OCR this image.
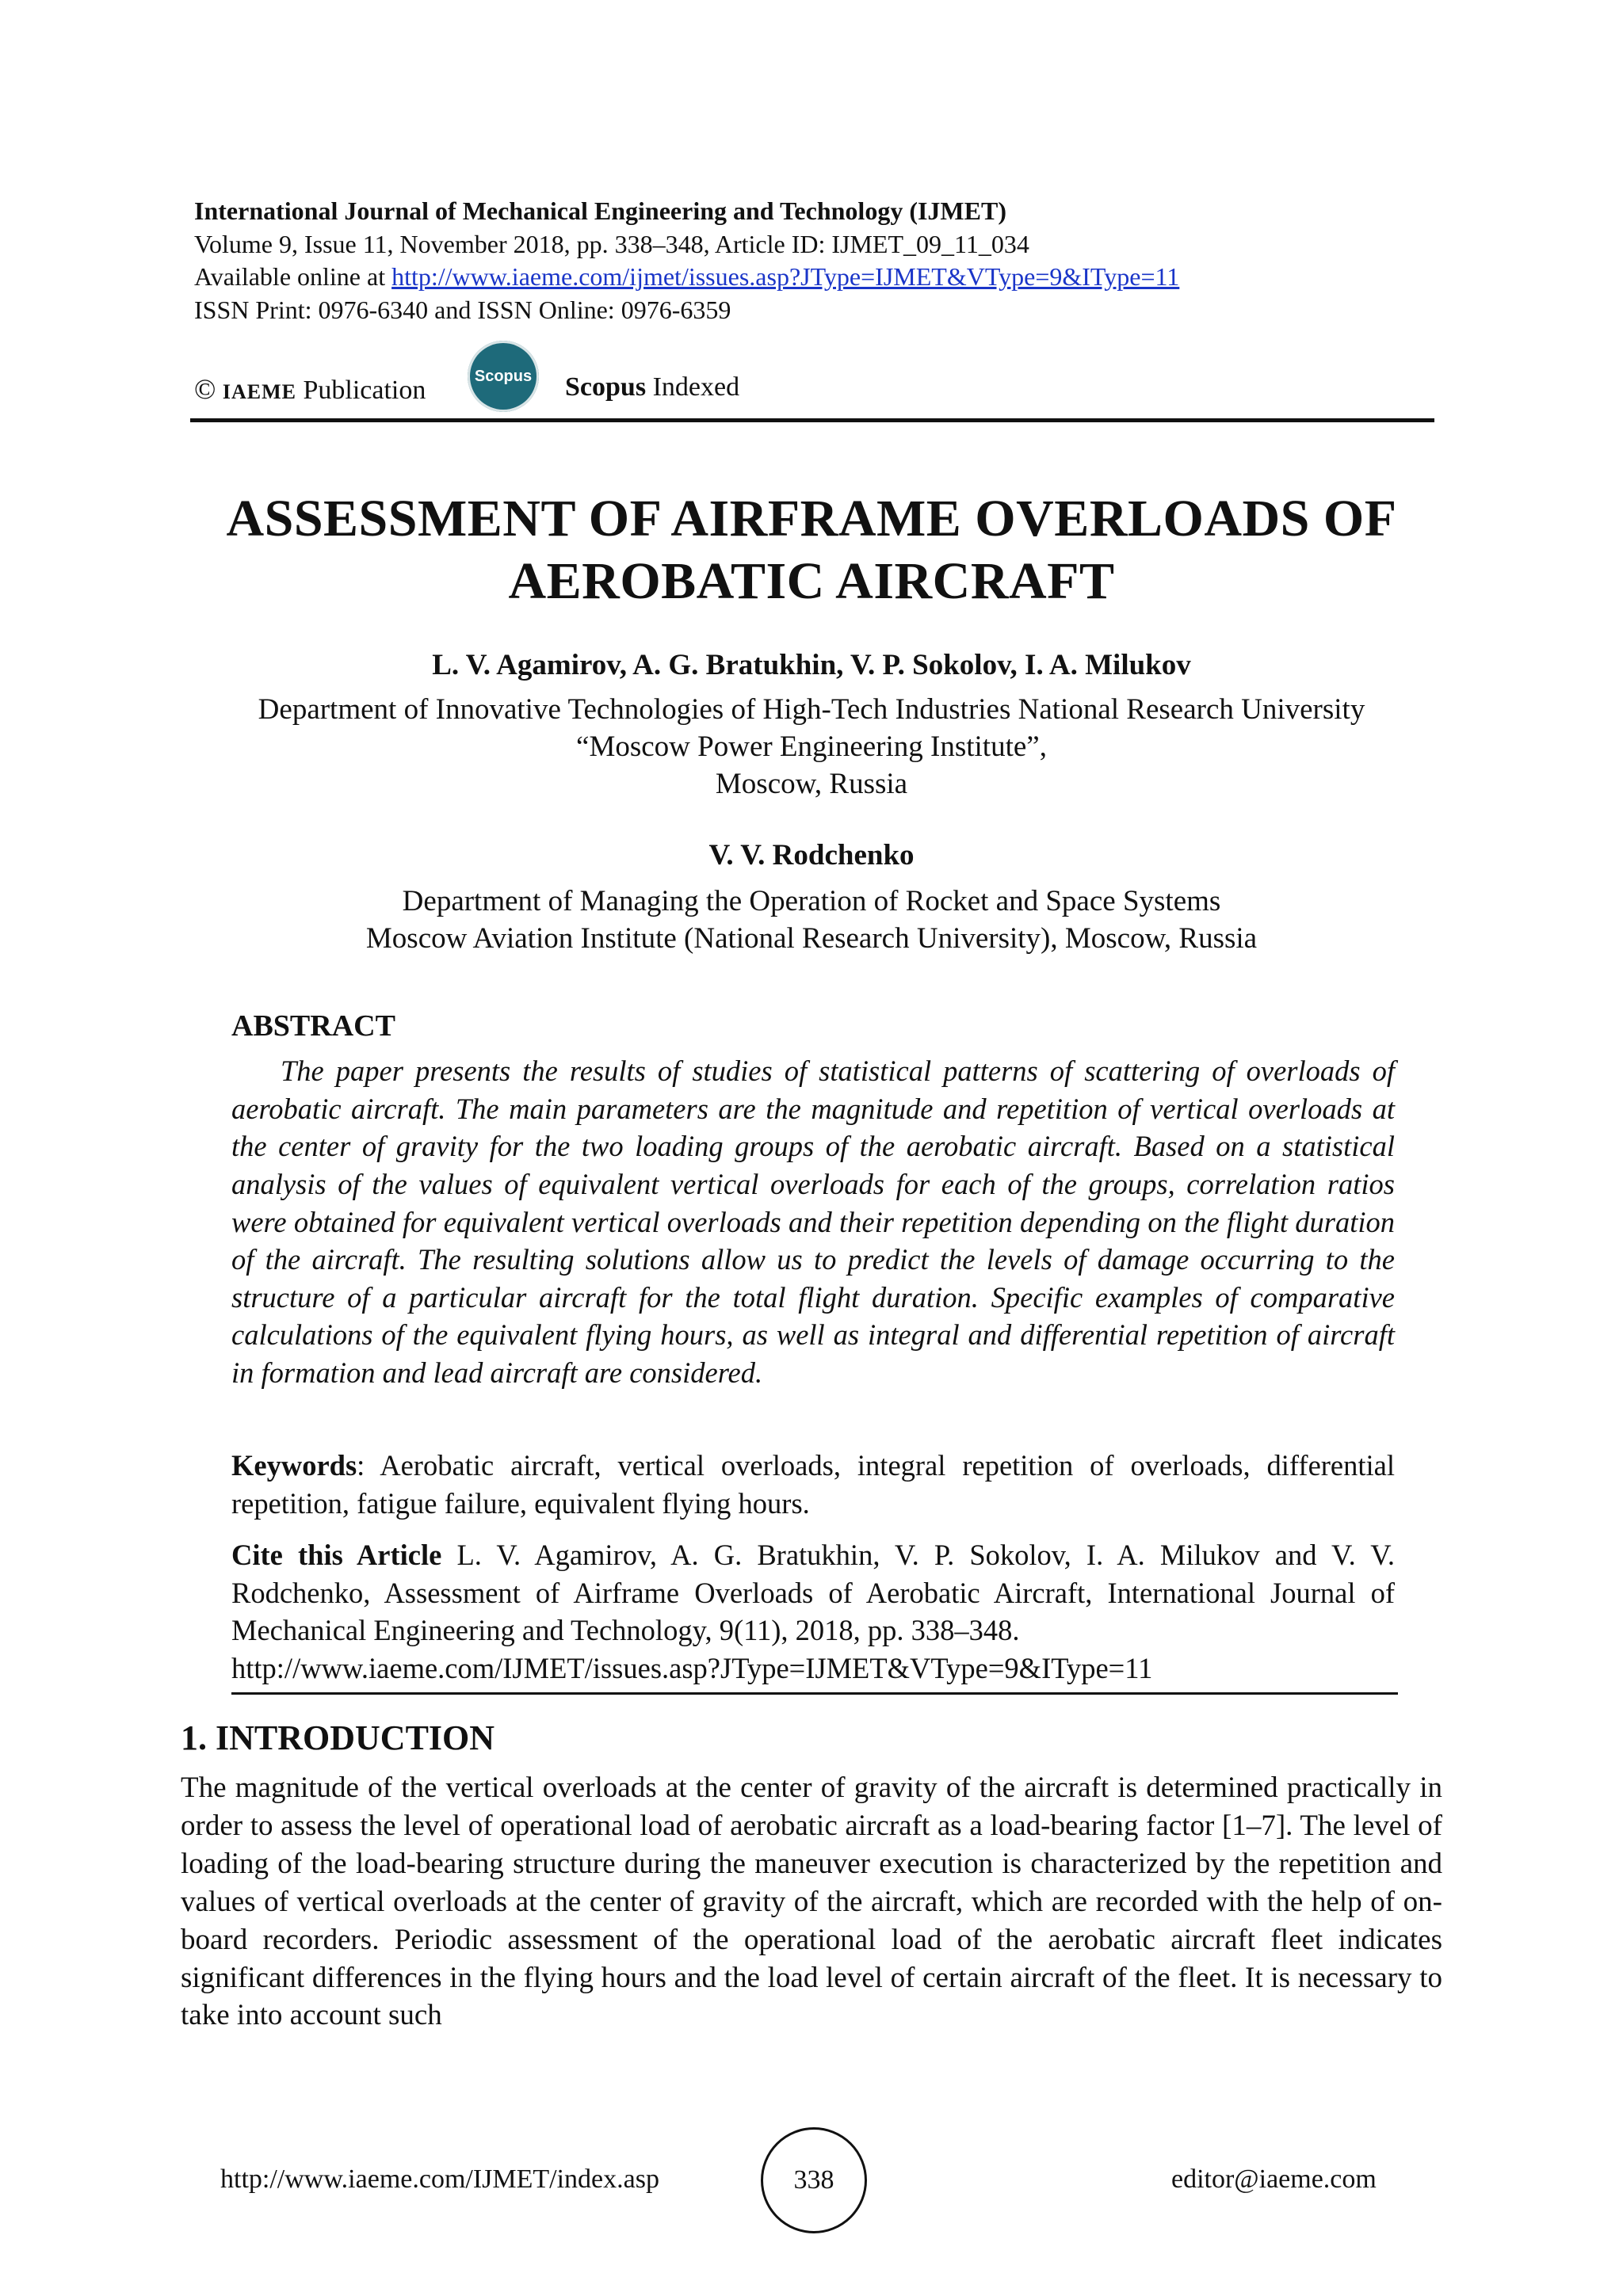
International Journal of Mechanical Engineering and Technology (IJMET)
Volume 9, Issue 11, November 2018, pp. 338–348, Article ID: IJMET_09_11_034
Available online at http://www.iaeme.com/ijmet/issues.asp?JType=IJMET&VType=9&IType=11
ISSN Print: 0976-6340 and ISSN Online: 0976-6359
© IAEME Publication	Scopus Scopus Indexed
ASSESSMENT OF AIRFRAME OVERLOADS OF
AEROBATIC AIRCRAFT
L. V. Agamirov, A. G. Bratukhin, V. P. Sokolov, I. A. Milukov
Department of Innovative Technologies of High-Tech Industries National Research University
“Moscow Power Engineering Institute”,
Moscow, Russia
V. V. Rodchenko
Department of Managing the Operation of Rocket and Space Systems
Moscow Aviation Institute (National Research University), Moscow, Russia
ABSTRACT

The paper presents the results of studies of statistical patterns of scattering of overloads of aerobatic aircraft. The main parameters are the magnitude and repetition of vertical overloads at the center of gravity for the two loading groups of the aerobatic aircraft. Based on a statistical analysis of the values of equivalent vertical overloads for each of the groups, correlation ratios were obtained for equivalent vertical overloads and their repetition depending on the flight duration of the aircraft. The resulting solutions allow us to predict the levels of damage occurring to the structure of a particular aircraft for the total flight duration. Specific examples of comparative calculations of the equivalent flying hours, as well as integral and differential repetition of aircraft in formation and lead aircraft are considered.

Keywords: Aerobatic aircraft, vertical overloads, integral repetition of overloads, differential repetition, fatigue failure, equivalent flying hours.

Cite this Article L. V. Agamirov, A. G. Bratukhin, V. P. Sokolov, I. A. Milukov and V. V. Rodchenko, Assessment of Airframe Overloads of Aerobatic Aircraft, International Journal of Mechanical Engineering and Technology, 9(11), 2018, pp. 338–348.
http://www.iaeme.com/IJMET/issues.asp?JType=IJMET&VType=9&IType=11

1. INTRODUCTION

The magnitude of the vertical overloads at the center of gravity of the aircraft is determined practically in order to assess the level of operational load of aerobatic aircraft as a load-bearing factor [1–7]. The level of loading of the load-bearing structure during the maneuver execution is characterized by the repetition and values of vertical overloads at the center of gravity of the aircraft, which are recorded with the help of on-board recorders. Periodic assessment of the operational load of the aerobatic aircraft fleet indicates significant differences in the flying hours and the load level of certain aircraft of the fleet. It is necessary to take into account such

http://www.iaeme.com/IJMET/index.asp	338	editor@iaeme.com
